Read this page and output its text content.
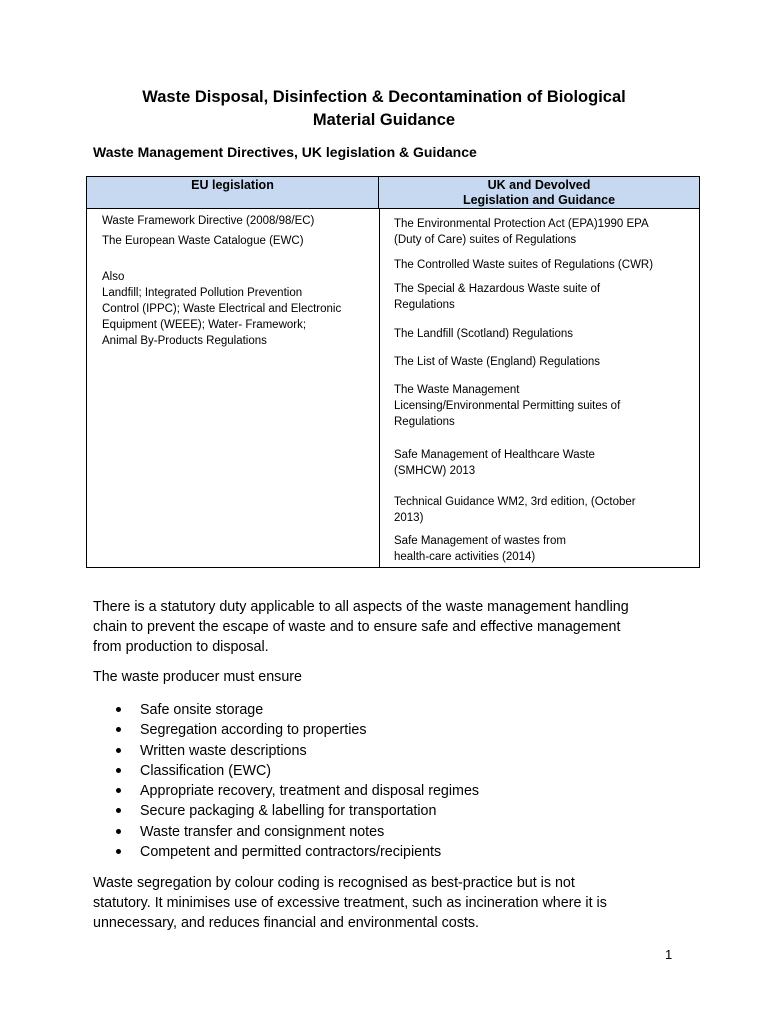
Waste Disposal, Disinfection & Decontamination of Biological
Material Guidance
Waste Management Directives, UK legislation & Guidance
EU legislation	UK and Devolved
Legislation and Guidance
Waste Framework Directive (2008/98/EC)
The European Waste Catalogue (EWC)
Also
Landfill; Integrated Pollution Prevention
Control (IPPC); Waste Electrical and Electronic
Equipment (WEEE); Water- Framework;
Animal By-Products Regulations
The Environmental Protection Act (EPA)1990 EPA
(Duty of Care) suites of Regulations
The Controlled Waste suites of Regulations (CWR)
The Special & Hazardous Waste suite of
Regulations
The Landfill (Scotland) Regulations
The List of Waste (England) Regulations
The Waste Management
Licensing/Environmental Permitting suites of
Regulations
Safe Management of Healthcare Waste
(SMHCW) 2013
Technical Guidance WM2, 3rd edition, (October
2013)
Safe Management of wastes from
health-care activities (2014)
There is a statutory duty applicable to all aspects of the waste management handling
chain to prevent the escape of waste and to ensure safe and effective management
from production to disposal.
The waste producer must ensure
Safe onsite storage
Segregation according to properties
Written waste descriptions
Classification (EWC)
Appropriate recovery, treatment and disposal regimes
Secure packaging & labelling for transportation
Waste transfer and consignment notes
Competent and permitted contractors/recipients
Waste segregation by colour coding is recognised as best-practice but is not
statutory. It minimises use of excessive treatment, such as incineration where it is
unnecessary, and reduces financial and environmental costs.
1
